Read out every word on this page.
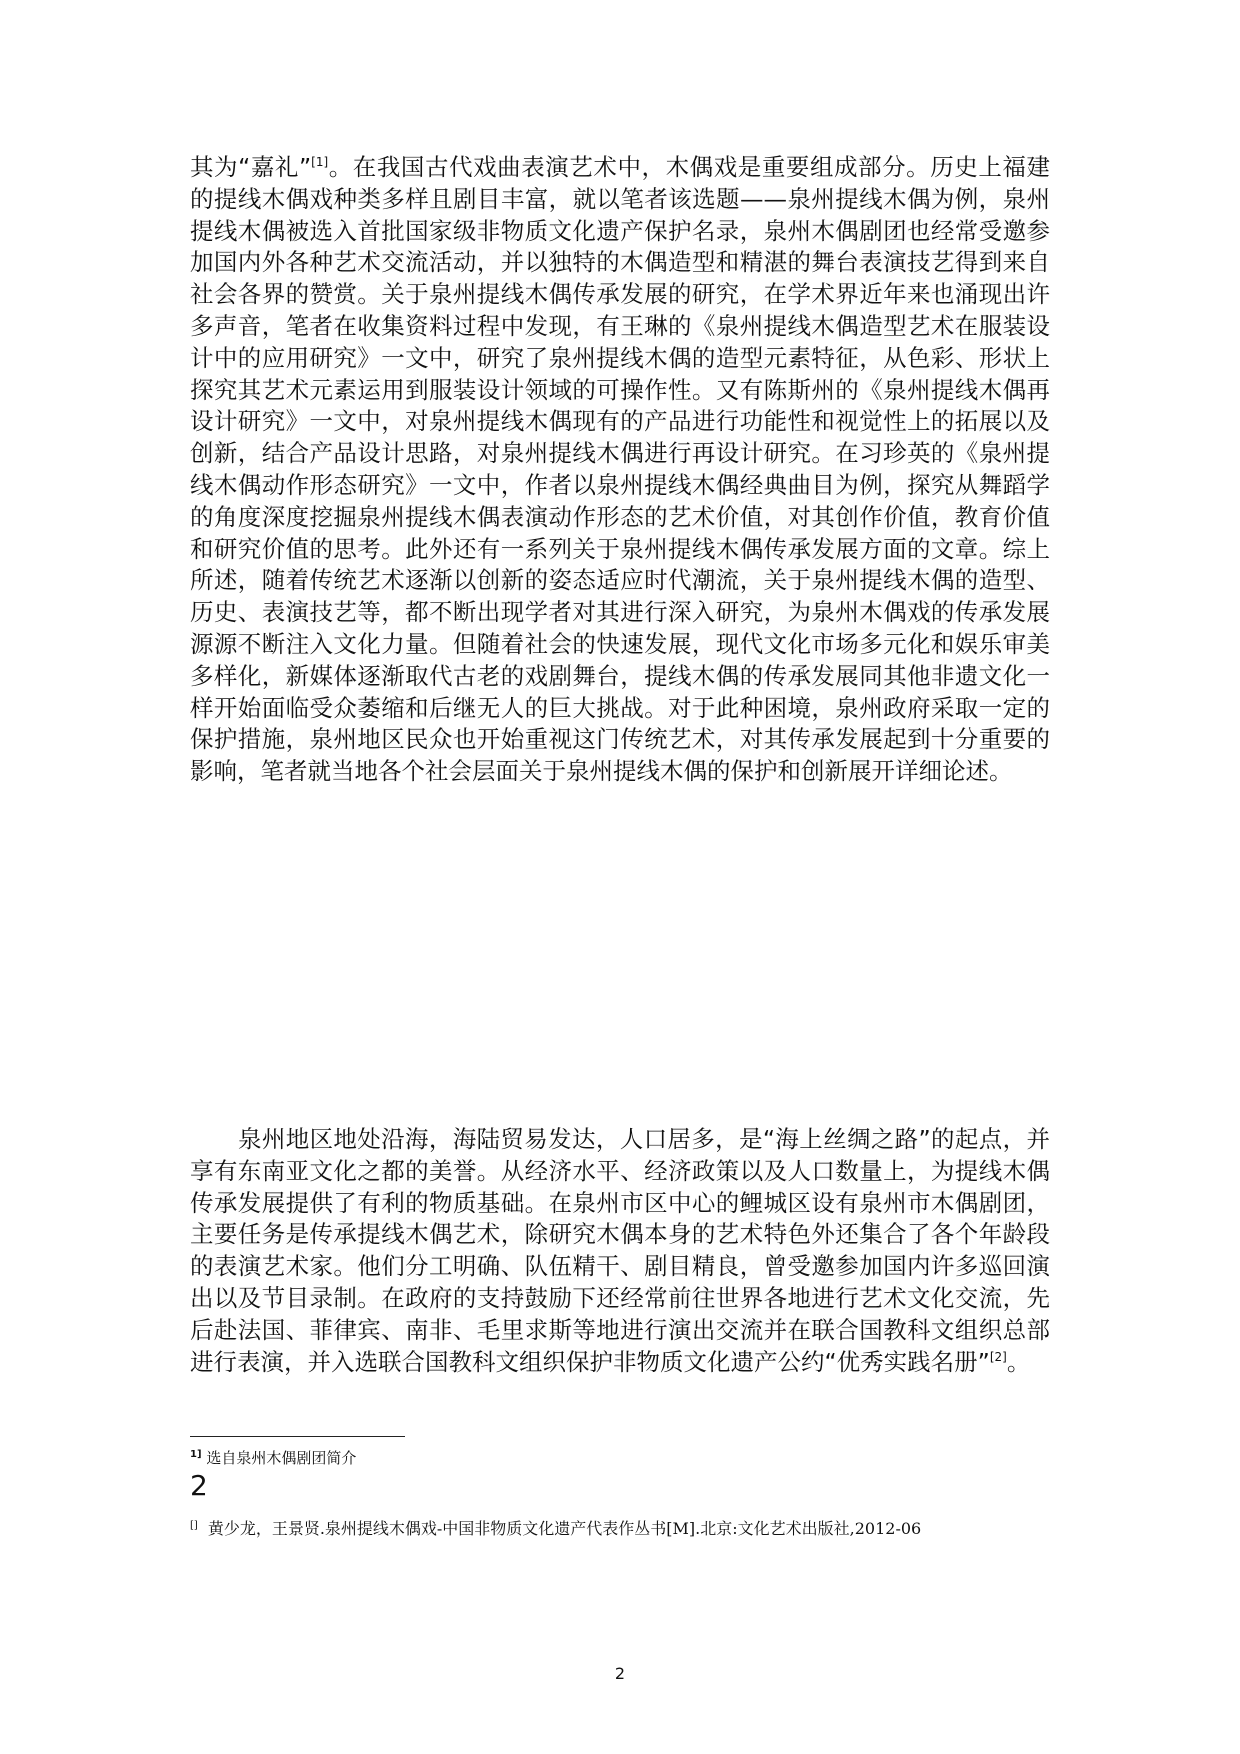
其为“嘉礼”[1]。在我国古代戏曲表演艺术中，木偶戏是重要组成部分。历史上福建的提线木偶戏种类多样且剧目丰富，就以笔者该选题——泉州提线木偶为例，泉州提线木偶被选入首批国家级非物质文化遗产保护名录，泉州木偶剧团也经常受邀参加国内外各种艺术交流活动，并以独特的木偶造型和精湛的舞台表演技艺得到来自社会各界的赞赏。关于泉州提线木偶传承发展的研究，在学术界近年来也涌现出许多声音，笔者在收集资料过程中发现，有王琳的《泉州提线木偶造型艺术在服装设计中的应用研究》一文中，研究了泉州提线木偶的造型元素特征，从色彩、形状上探究其艺术元素运用到服装设计领域的可操作性。又有陈斯州的《泉州提线木偶再设计研究》一文中，对泉州提线木偶现有的产品进行功能性和视觉性上的拓展以及创新，结合产品设计思路，对泉州提线木偶进行再设计研究。在习珍英的《泉州提线木偶动作形态研究》一文中，作者以泉州提线木偶经典曲目为例，探究从舞蹈学的角度深度挖掘泉州提线木偶表演动作形态的艺术价值，对其创作价值，教育价值和研究价值的思考。此外还有一系列关于泉州提线木偶传承发展方面的文章。综上所述，随着传统艺术逐渐以创新的姿态适应时代潮流，关于泉州提线木偶的造型、历史、表演技艺等，都不断出现学者对其进行深入研究，为泉州木偶戏的传承发展源源不断注入文化力量。但随着社会的快速发展，现代文化市场多元化和娱乐审美多样化，新媒体逐渐取代古老的戏剧舞台，提线木偶的传承发展同其他非遗文化一样开始面临受众萎缩和后继无人的巨大挑战。对于此种困境，泉州政府采取一定的保护措施，泉州地区民众也开始重视这门传统艺术，对其传承发展起到十分重要的影响，笔者就当地各个社会层面关于泉州提线木偶的保护和创新展开详细论述。

泉州地区地处沿海，海陆贸易发达，人口居多，是“海上丝绸之路”的起点，并享有东南亚文化之都的美誉。从经济水平、经济政策以及人口数量上，为提线木偶传承发展提供了有利的物质基础。在泉州市区中心的鲤城区设有泉州市木偶剧团，主要任务是传承提线木偶艺术，除研究木偶本身的艺术特色外还集合了各个年龄段的表演艺术家。他们分工明确、队伍精干、剧目精良，曾受邀参加国内许多巡回演出以及节目录制。在政府的支持鼓励下还经常前往世界各地进行艺术文化交流，先后赴法国、菲律宾、南非、毛里求斯等地进行演出交流并在联合国教科文组织总部进行表演，并入选联合国教科文组织保护非物质文化遗产公约“优秀实践名册”[2]。

$^{1]}$ 选自泉州木偶剧团简介

2

[] 黄少龙，王景贤.泉州提线木偶戏-中国非物质文化遗产代表作丛书[M].北京:文化艺术出版社,2012-06

2
